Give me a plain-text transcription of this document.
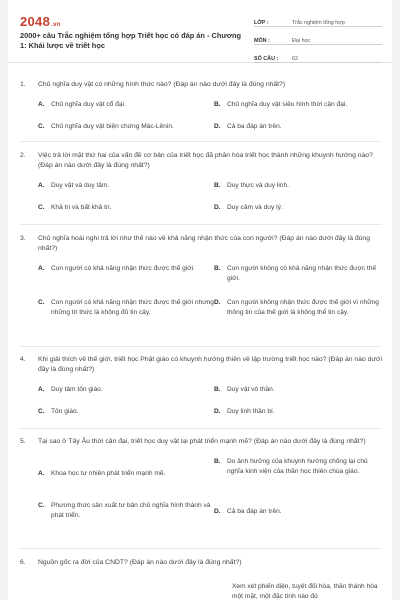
2048.vn
2000+ câu Trắc nghiệm tổng hợp Triết học có đáp án - Chương 1: Khái lược về triết học
LỚP :	Trắc nghiệm tổng hợp
MÔN :	Đại học
SỐ CÂU :	62
1.	Chủ nghĩa duy vật có những hình thức nào? (Đáp án nào dưới đây là đúng nhất?)
A. Chủ nghĩa duy vật cổ đại.	B. Chủ nghĩa duy vật siêu hình thời cận đại.
C. Chủ nghĩa duy vật biện chứng Mác-Lênin.	D. Cả ba đáp án trên.
2.	Việc trả lời mặt thứ hai của vấn đề cơ bản của triết học đã phân hóa triết học thành những khuynh hướng nào? (Đáp án nào dưới đây là đúng nhất?)
A. Duy vật và duy tâm.	B. Duy thực và duy linh.
C. Khả tri và bất khả tri.	D. Duy cảm và duy lý.
3.	Chủ nghĩa hoài nghi trả lời như thế nào về khả năng nhận thức của con người? (Đáp án nào dưới đây là đúng nhất?)
A. Con người có khả năng nhận thức được thế giới.	B. Con người không có khả năng nhận thức được thế giới.
C. Con người có khả năng nhận thức được thế giới nhưng những tri thức là không đủ tin cậy.
D. Con người không nhận thức được thế giới vì những thông tin của thế giới là không thể tin cậy.
4.	Khi giải thích về thế giới, triết học Phật giáo có khuynh hướng thiên về lập trường triết học nào? (Đáp án nào dưới đây là đúng nhất?)
A. Duy tâm tôn giáo.	B. Duy vật vô thần.
C. Tôn giáo.	D. Duy linh thần bí.
5.	Tại sao ở Tây Âu thời cận đại, triết học duy vật lại phát triển mạnh mẽ? (Đáp án nào dưới đây là đúng nhất?)
A. Khoa học tự nhiên phát triển mạnh mẽ.
B. Do ảnh hưởng của khuynh hướng chống lại chủ nghĩa kinh viện của thần học thiên chúa giáo.
C. Phương thức sản xuất tư bản chủ nghĩa hình thành và phát triển.
D. Cả ba đáp án trên.
6.	Nguồn gốc ra đời của CNDT? (Đáp án nào dưới đây là đúng nhất?)
Xem xét phiến diện, tuyệt đối hóa, thần thánh hóa một mặt, một đặc tính nào đó
